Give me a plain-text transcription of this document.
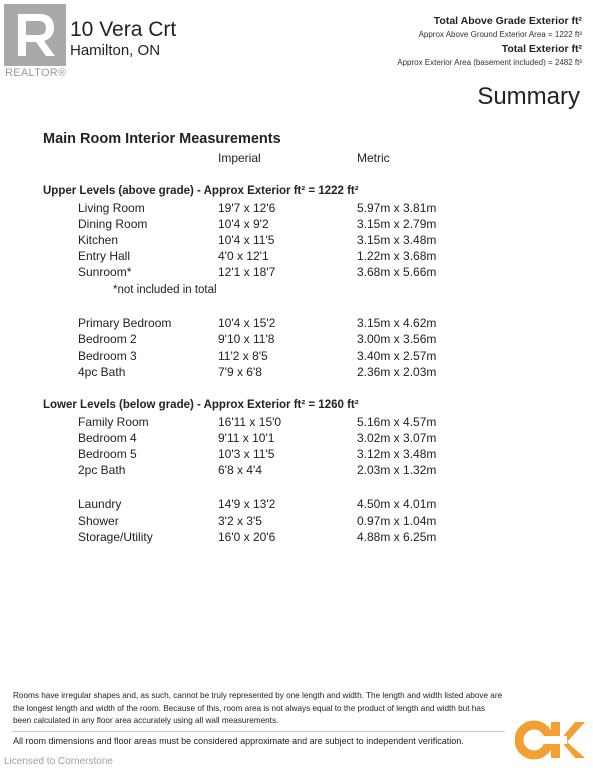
REALTOR®
10 Vera Crt
Hamilton, ON
Total Above Grade Exterior ft²
Approx Above Ground Exterior Area = 1222 ft²
Total Exterior ft²
Approx Exterior Area (basement included) = 2482 ft²
Summary
Main Room Interior Measurements
Imperial	Metric
Upper Levels (above grade) - Approx Exterior ft² = 1222 ft²
Living Room	19'7 x 12'6	5.97m x 3.81m
Dining Room	10'4 x 9'2	3.15m x 2.79m
Kitchen	10'4 x 11'5	3.15m x 3.48m
Entry Hall	4'0 x 12'1	1.22m x 3.68m
Sunroom*	12'1 x 18'7	3.68m x 5.66m
*not included in total
Primary Bedroom	10'4 x 15'2	3.15m x 4.62m
Bedroom 2	9'10 x 11'8	3.00m x 3.56m
Bedroom 3	11'2 x 8'5	3.40m x 2.57m
4pc Bath	7'9 x 6'8	2.36m x 2.03m
Lower Levels (below grade) - Approx Exterior ft² = 1260 ft²
Family Room	16'11 x 15'0	5.16m x 4.57m
Bedroom 4	9'11 x 10'1	3.02m x 3.07m
Bedroom 5	10'3 x 11'5	3.12m x 3.48m
2pc Bath	6'8 x 4'4	2.03m x 1.32m
Laundry	14'9 x 13'2	4.50m x 4.01m
Shower	3'2 x 3'5	0.97m x 1.04m
Storage/Utility	16'0 x 20'6	4.88m x 6.25m
Rooms have irregular shapes and, as such, cannot be truly represented by one length and width. The length and width listed above are the longest length and width of the room. Because of this, room area is not always equal to the product of length and width but has been calculated in any floor area accurately using all wall measurements.
All room dimensions and floor areas must be considered approximate and are subject to independent verification.
Licensed to Cornerstone
